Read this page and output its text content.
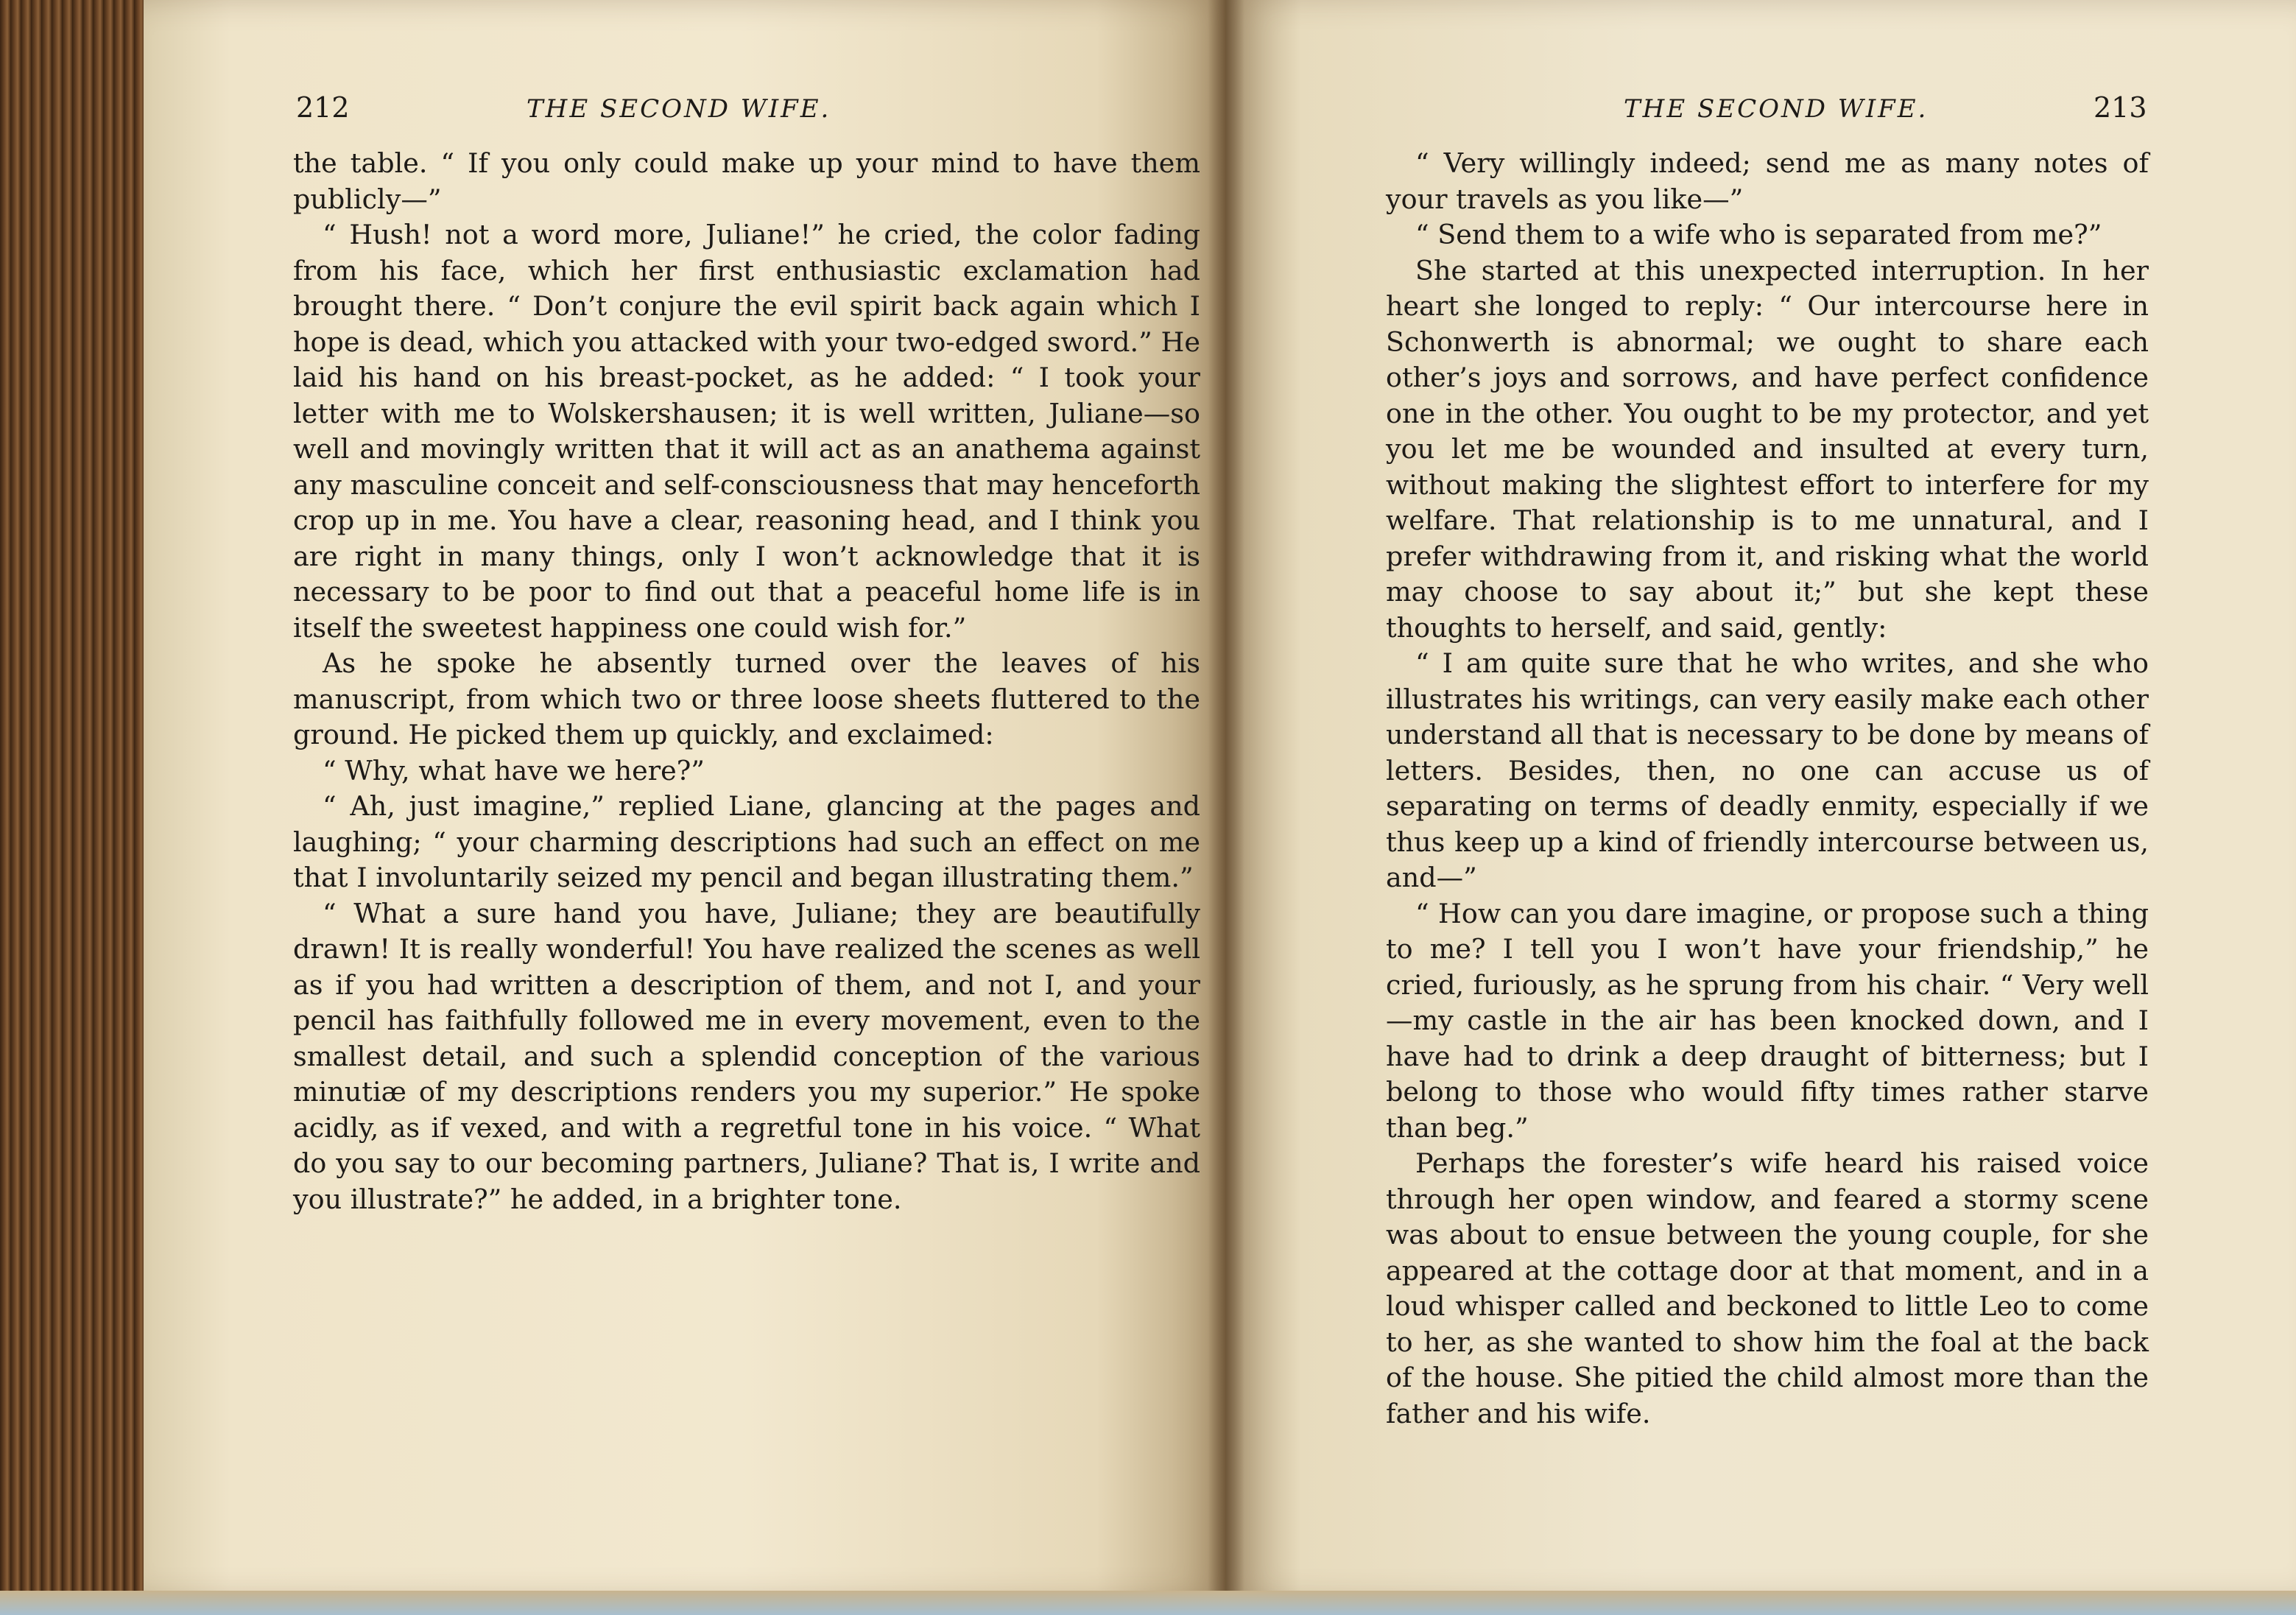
212	THE SECOND WIFE.

the table. “ If you only could make up your mind to have them publicly—”

“ Hush! not a word more, Juliane!” he cried, the color fading from his face, which her first enthusiastic exclamation had brought there. “ Don’t conjure the evil spirit back again which I hope is dead, which you attacked with your two-edged sword.” He laid his hand on his breast-pocket, as he added: “ I took your letter with me to Wolskershausen; it is well written, Juliane—so well and movingly written that it will act as an anathema against any masculine conceit and self-consciousness that may henceforth crop up in me. You have a clear, reasoning head, and I think you are right in many things, only I won’t acknowledge that it is necessary to be poor to find out that a peaceful home life is in itself the sweetest happiness one could wish for.”

As he spoke he absently turned over the leaves of his manuscript, from which two or three loose sheets fluttered to the ground. He picked them up quickly, and exclaimed:

“ Why, what have we here?”

“ Ah, just imagine,” replied Liane, glancing at the pages and laughing; “ your charming descriptions had such an effect on me that I involuntarily seized my pencil and began illustrating them.”

“ What a sure hand you have, Juliane; they are beautifully drawn! It is really wonderful! You have realized the scenes as well as if you had written a description of them, and not I, and your pencil has faithfully followed me in every movement, even to the smallest detail, and such a splendid conception of the various minutiæ of my descriptions renders you my superior.” He spoke acidly, as if vexed, and with a regretful tone in his voice. “ What do you say to our becoming partners, Juliane? That is, I write and you illustrate?” he added, in a brighter tone.

THE SECOND WIFE.	213

“ Very willingly indeed; send me as many notes of your travels as you like—”

“ Send them to a wife who is separated from me?”

She started at this unexpected interruption. In her heart she longed to reply: “ Our intercourse here in Schonwerth is abnormal; we ought to share each other’s joys and sorrows, and have perfect confidence one in the other. You ought to be my protector, and yet you let me be wounded and insulted at every turn, without making the slightest effort to interfere for my welfare. That relationship is to me unnatural, and I prefer withdrawing from it, and risking what the world may choose to say about it;” but she kept these thoughts to herself, and said, gently:

“ I am quite sure that he who writes, and she who illustrates his writings, can very easily make each other understand all that is necessary to be done by means of letters. Besides, then, no one can accuse us of separating on terms of deadly enmity, especially if we thus keep up a kind of friendly intercourse between us, and—”

“ How can you dare imagine, or propose such a thing to me? I tell you I won’t have your friendship,” he cried, furiously, as he sprung from his chair. “ Very well—my castle in the air has been knocked down, and I have had to drink a deep draught of bitterness; but I belong to those who would fifty times rather starve than beg.”

Perhaps the forester’s wife heard his raised voice through her open window, and feared a stormy scene was about to ensue between the young couple, for she appeared at the cottage door at that moment, and in a loud whisper called and beckoned to little Leo to come to her, as she wanted to show him the foal at the back of the house. She pitied the child almost more than the father and his wife.
